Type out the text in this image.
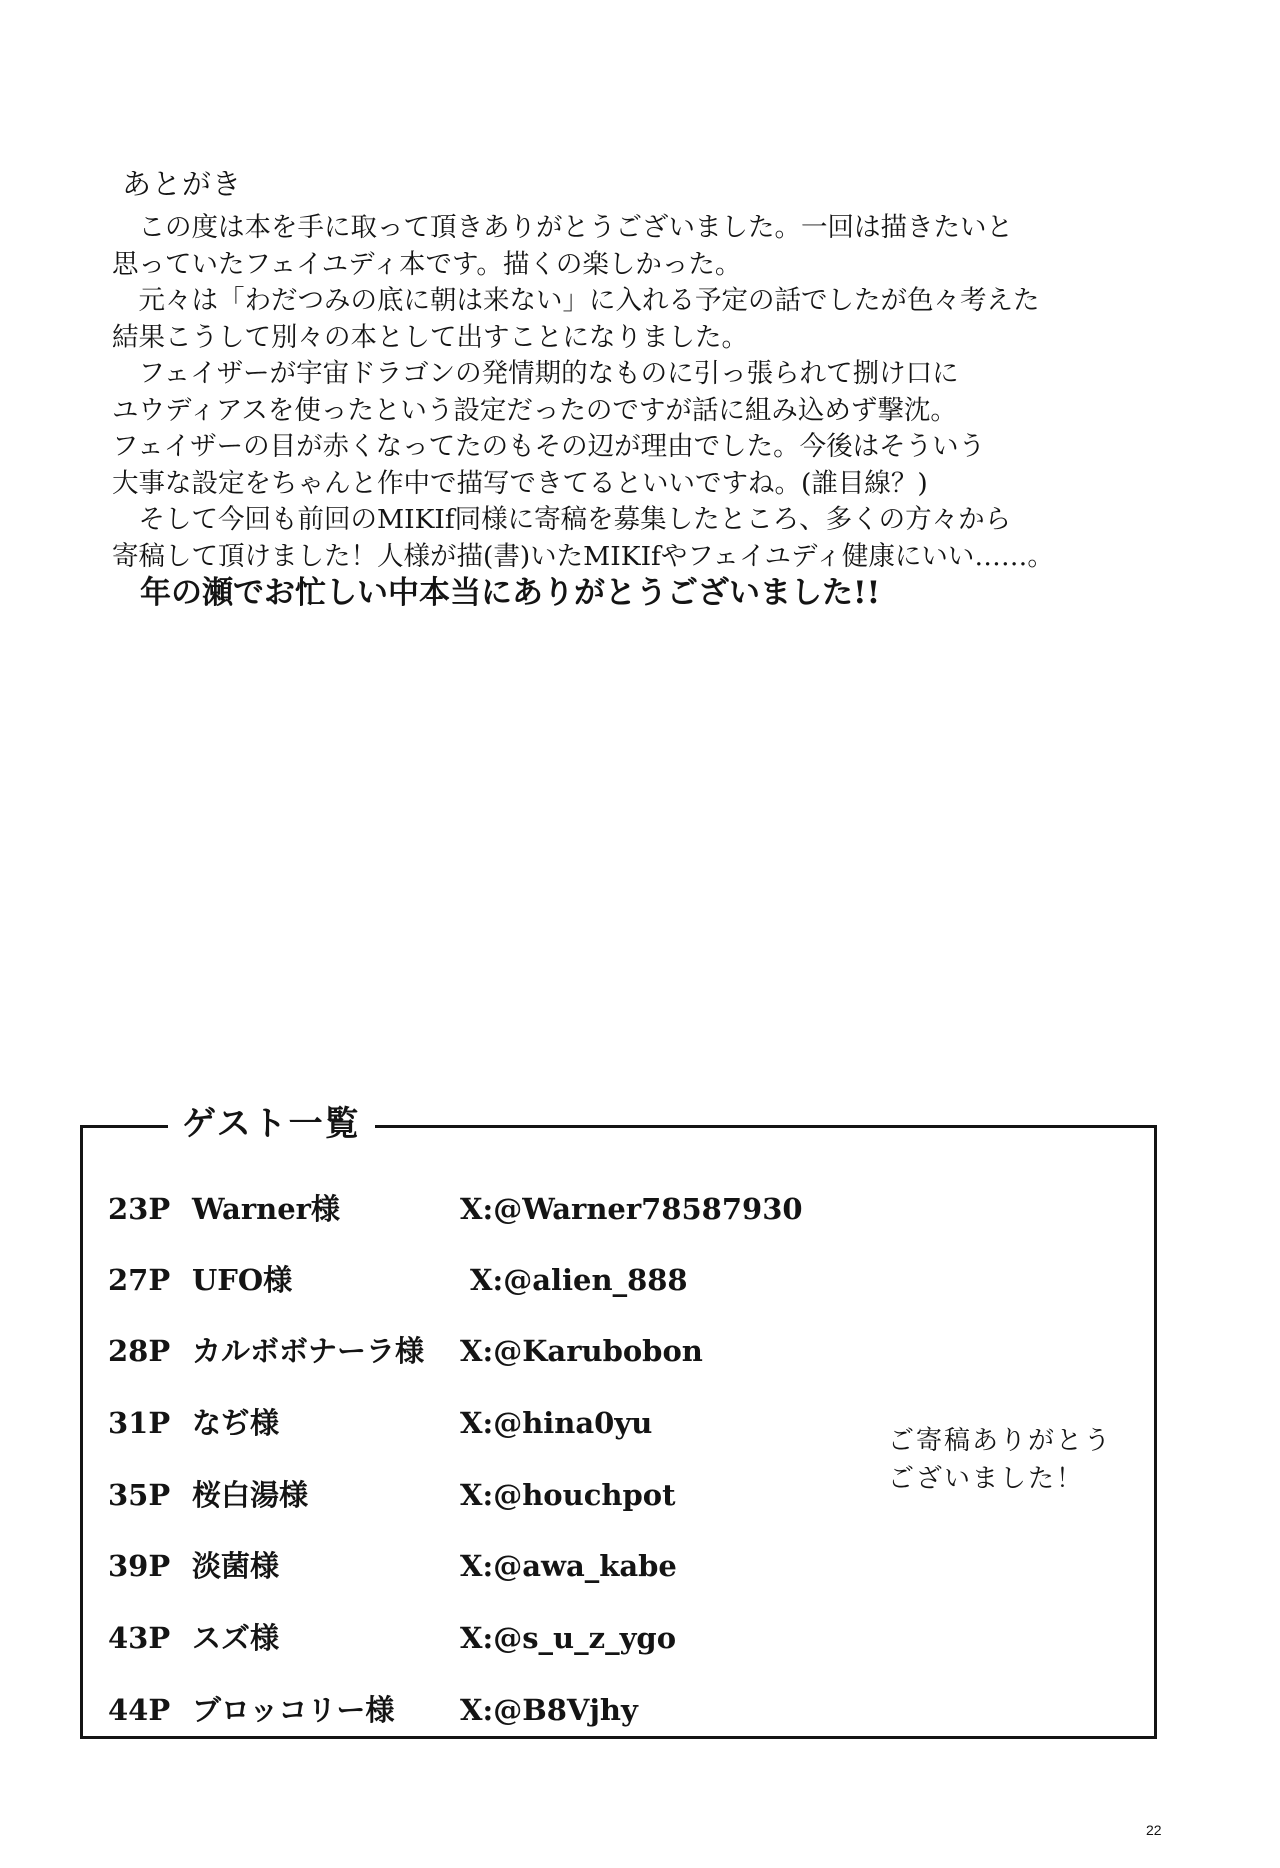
あとがき
　この度は本を手に取って頂きありがとうございました。一回は描きたいと
思っていたフェイユディ本です。描くの楽しかった。
　元々は「わだつみの底に朝は来ない」に入れる予定の話でしたが色々考えた
結果こうして別々の本として出すことになりました。
　フェイザーが宇宙ドラゴンの発情期的なものに引っ張られて捌け口に
ユウディアスを使ったという設定だったのですが話に組み込めず撃沈。
フェイザーの目が赤くなってたのもその辺が理由でした。今後はそういう
大事な設定をちゃんと作中で描写できてるといいですね。(誰目線？)
　そして今回も前回のMIKIf同様に寄稿を募集したところ、多くの方々から
寄稿して頂けました！人様が描(書)いたMIKIfやフェイユディ健康にいい……。
年の瀬でお忙しい中本当にありがとうございました!!
ゲスト一覧
23P Warner様	X:@Warner78587930
27P UFO様	X:@alien_888
28P カルボボナーラ様	X:@Karubobon
31P なぢ様	X:@hina0yu
35P 桜白湯様	X:@houchpot
39P 淡菌様	X:@awa_kabe
43P スズ様	X:@s_u_z_ygo
44P ブロッコリー様	X:@B8Vjhy
ご寄稿ありがとう
ございました！
22
